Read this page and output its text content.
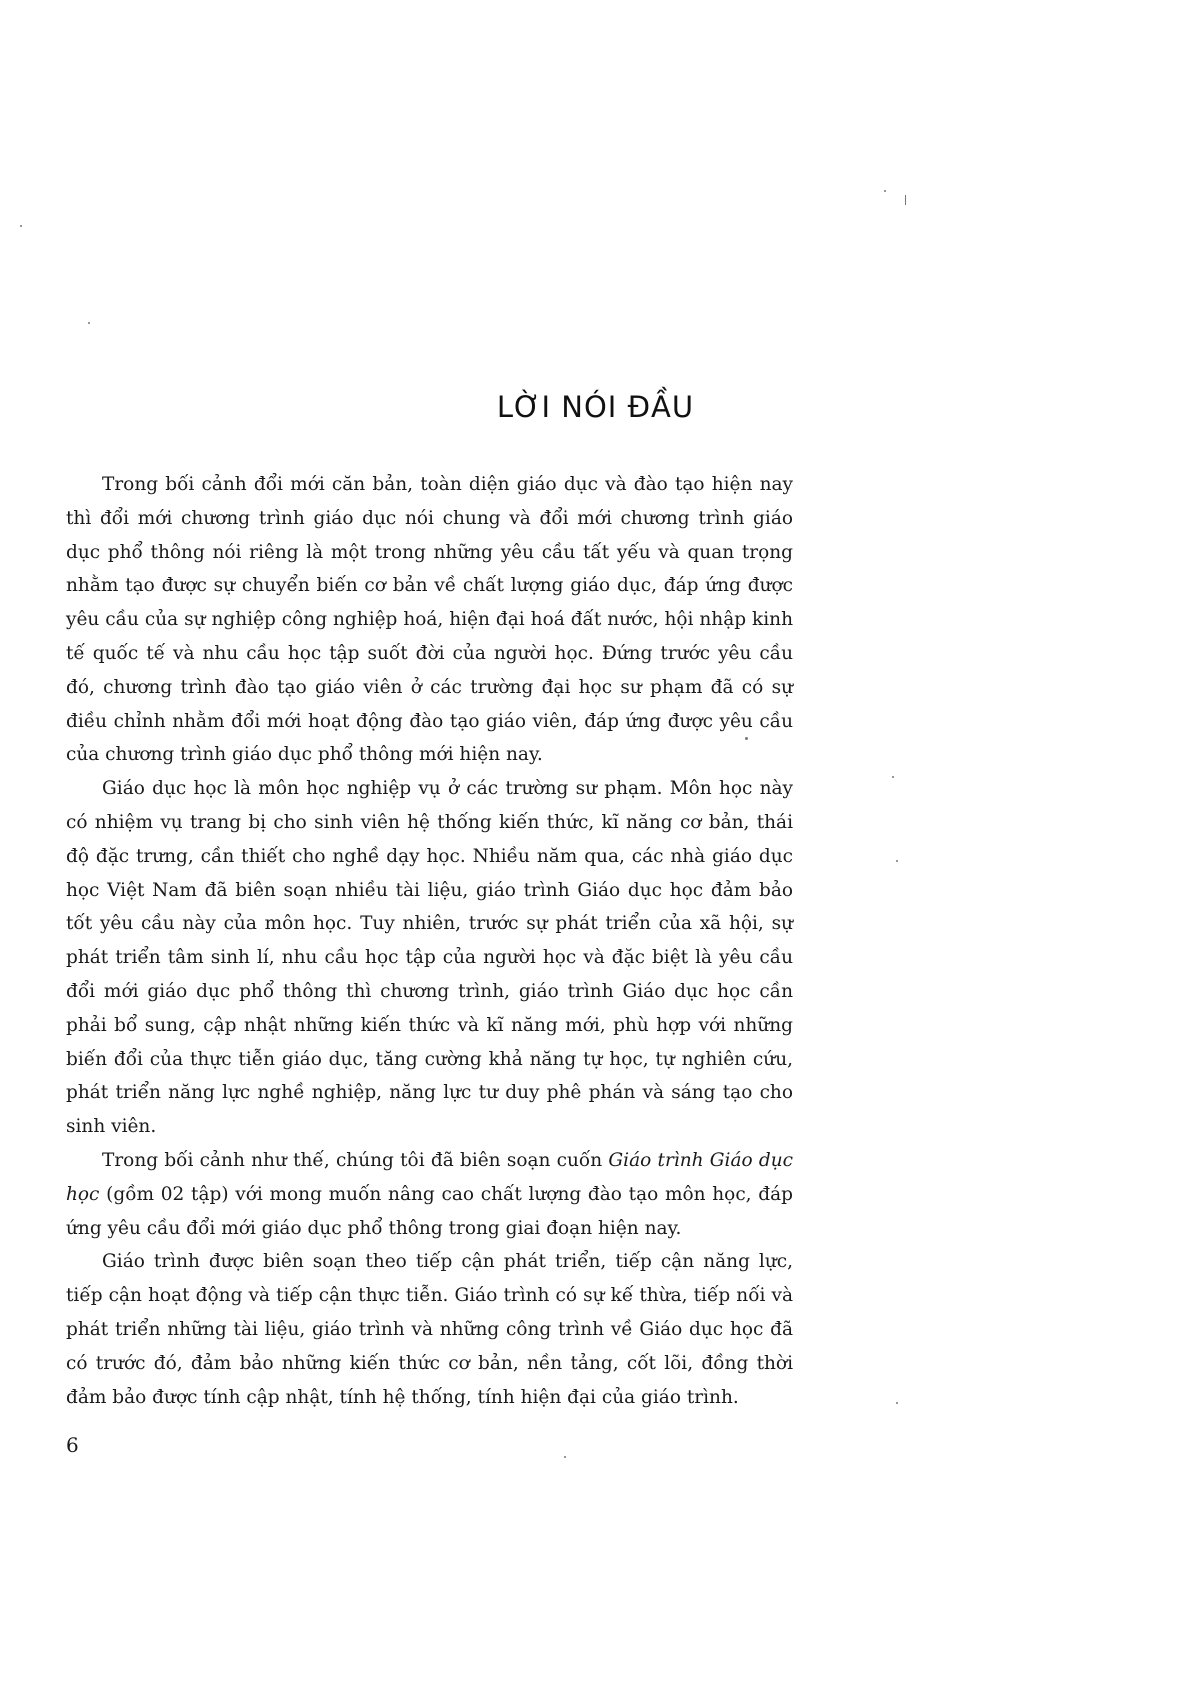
LỜI NÓI ĐẦU

Trong bối cảnh đổi mới căn bản, toàn diện giáo dục và đào tạo hiện nay thì đổi mới chương trình giáo dục nói chung và đổi mới chương trình giáo dục phổ thông nói riêng là một trong những yêu cầu tất yếu và quan trọng nhằm tạo được sự chuyển biến cơ bản về chất lượng giáo dục, đáp ứng được yêu cầu của sự nghiệp công nghiệp hoá, hiện đại hoá đất nước, hội nhập kinh tế quốc tế và nhu cầu học tập suốt đời của người học. Đứng trước yêu cầu đó, chương trình đào tạo giáo viên ở các trường đại học sư phạm đã có sự điều chỉnh nhằm đổi mới hoạt động đào tạo giáo viên, đáp ứng được yêu cầu của chương trình giáo dục phổ thông mới hiện nay.

Giáo dục học là môn học nghiệp vụ ở các trường sư phạm. Môn học này có nhiệm vụ trang bị cho sinh viên hệ thống kiến thức, kĩ năng cơ bản, thái độ đặc trưng, cần thiết cho nghề dạy học. Nhiều năm qua, các nhà giáo dục học Việt Nam đã biên soạn nhiều tài liệu, giáo trình Giáo dục học đảm bảo tốt yêu cầu này của môn học. Tuy nhiên, trước sự phát triển của xã hội, sự phát triển tâm sinh lí, nhu cầu học tập của người học và đặc biệt là yêu cầu đổi mới giáo dục phổ thông thì chương trình, giáo trình Giáo dục học cần phải bổ sung, cập nhật những kiến thức và kĩ năng mới, phù hợp với những biến đổi của thực tiễn giáo dục, tăng cường khả năng tự học, tự nghiên cứu, phát triển năng lực nghề nghiệp, năng lực tư duy phê phán và sáng tạo cho sinh viên.

Trong bối cảnh như thế, chúng tôi đã biên soạn cuốn Giáo trình Giáo dục học (gồm 02 tập) với mong muốn nâng cao chất lượng đào tạo môn học, đáp ứng yêu cầu đổi mới giáo dục phổ thông trong giai đoạn hiện nay.

Giáo trình được biên soạn theo tiếp cận phát triển, tiếp cận năng lực, tiếp cận hoạt động và tiếp cận thực tiễn. Giáo trình có sự kế thừa, tiếp nối và phát triển những tài liệu, giáo trình và những công trình về Giáo dục học đã có trước đó, đảm bảo những kiến thức cơ bản, nền tảng, cốt lõi, đồng thời đảm bảo được tính cập nhật, tính hệ thống, tính hiện đại của giáo trình.

6
